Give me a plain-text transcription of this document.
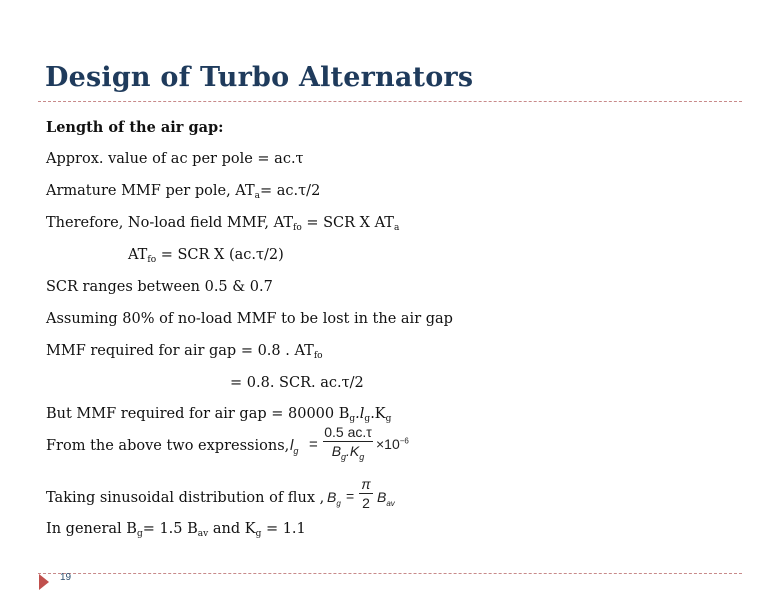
Design of Turbo Alternators
Length of the air gap:
Approx. value of ac per pole = ac.τ
Armature MMF per pole, $AT_a= ac.\tau/2$
Therefore, No-load field MMF, $AT_{fo}$ = SCR X $AT_a$
$AT_{fo}$ = SCR X (ac.τ/2)
SCR ranges between 0.5 & 0.7
Assuming 80% of no-load MMF to be lost in the air gap
MMF required for air gap = 0.8 . $AT_{fo}$
= 0.8. SCR. ac.τ/2
But MMF required for air gap = 80000 $B_g.l_g.K_g$
From the above two expressions, $l_g$ =
0.5 ac.τ
$B_g.K_g$
$\times 10^{-6}$
Taking sinusoidal distribution of flux , $B_g$ =
π
2 $B_{av}$
In general $B_g= 1.5$ $B_{av}$ and $K_g = 1.1$
19
